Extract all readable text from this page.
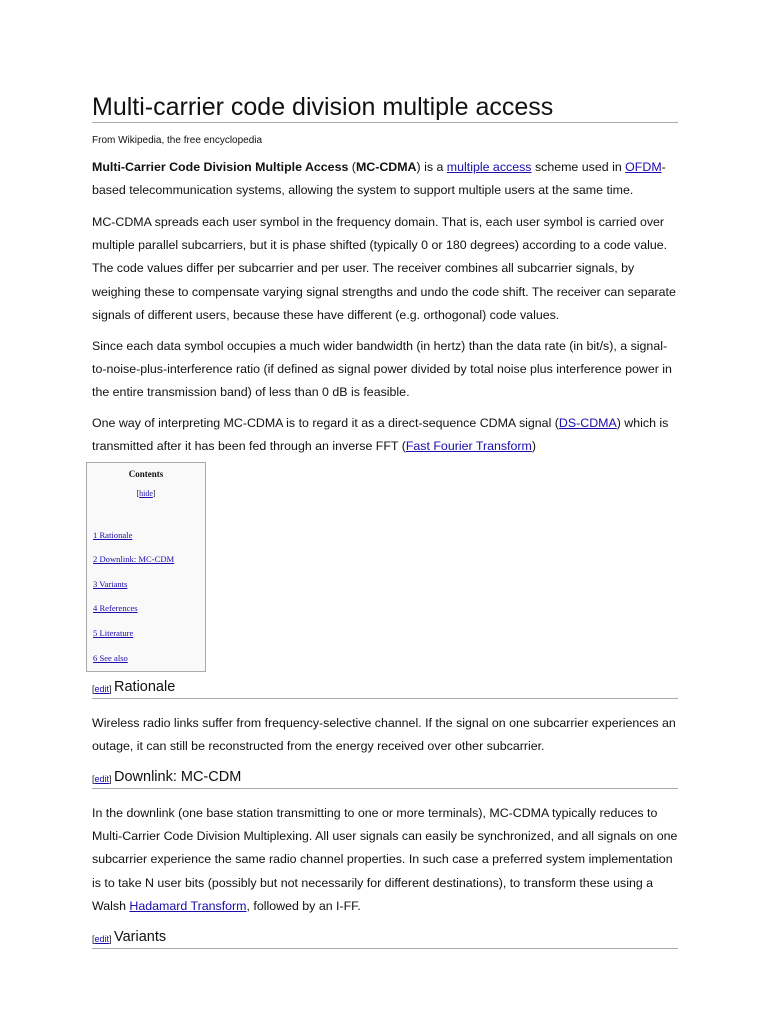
Multi-carrier code division multiple access
From Wikipedia, the free encyclopedia

Multi-Carrier Code Division Multiple Access (MC-CDMA) is a multiple access scheme used in OFDM-based telecommunication systems, allowing the system to support multiple users at the same time.

MC-CDMA spreads each user symbol in the frequency domain. That is, each user symbol is carried over multiple parallel subcarriers, but it is phase shifted (typically 0 or 180 degrees) according to a code value. The code values differ per subcarrier and per user. The receiver combines all subcarrier signals, by weighing these to compensate varying signal strengths and undo the code shift. The receiver can separate signals of different users, because these have different (e.g. orthogonal) code values.

Since each data symbol occupies a much wider bandwidth (in hertz) than the data rate (in bit/s), a signal-to-noise-plus-interference ratio (if defined as signal power divided by total noise plus interference power in the entire transmission band) of less than 0 dB is feasible.

One way of interpreting MC-CDMA is to regard it as a direct-sequence CDMA signal (DS-CDMA) which is transmitted after it has been fed through an inverse FFT (Fast Fourier Transform)

Contents
[hide]
1 Rationale
2 Downlink: MC-CDM
3 Variants
4 References
5 Literature
6 See also
[edit] Rationale

Wireless radio links suffer from frequency-selective channel. If the signal on one subcarrier experiences an outage, it can still be reconstructed from the energy received over other subcarrier.

[edit] Downlink: MC-CDM

In the downlink (one base station transmitting to one or more terminals), MC-CDMA typically reduces to Multi-Carrier Code Division Multiplexing. All user signals can easily be synchronized, and all signals on one subcarrier experience the same radio channel properties. In such case a preferred system implementation is to take N user bits (possibly but not necessarily for different destinations), to transform these using a Walsh Hadamard Transform, followed by an I-FF.

[edit] Variants
